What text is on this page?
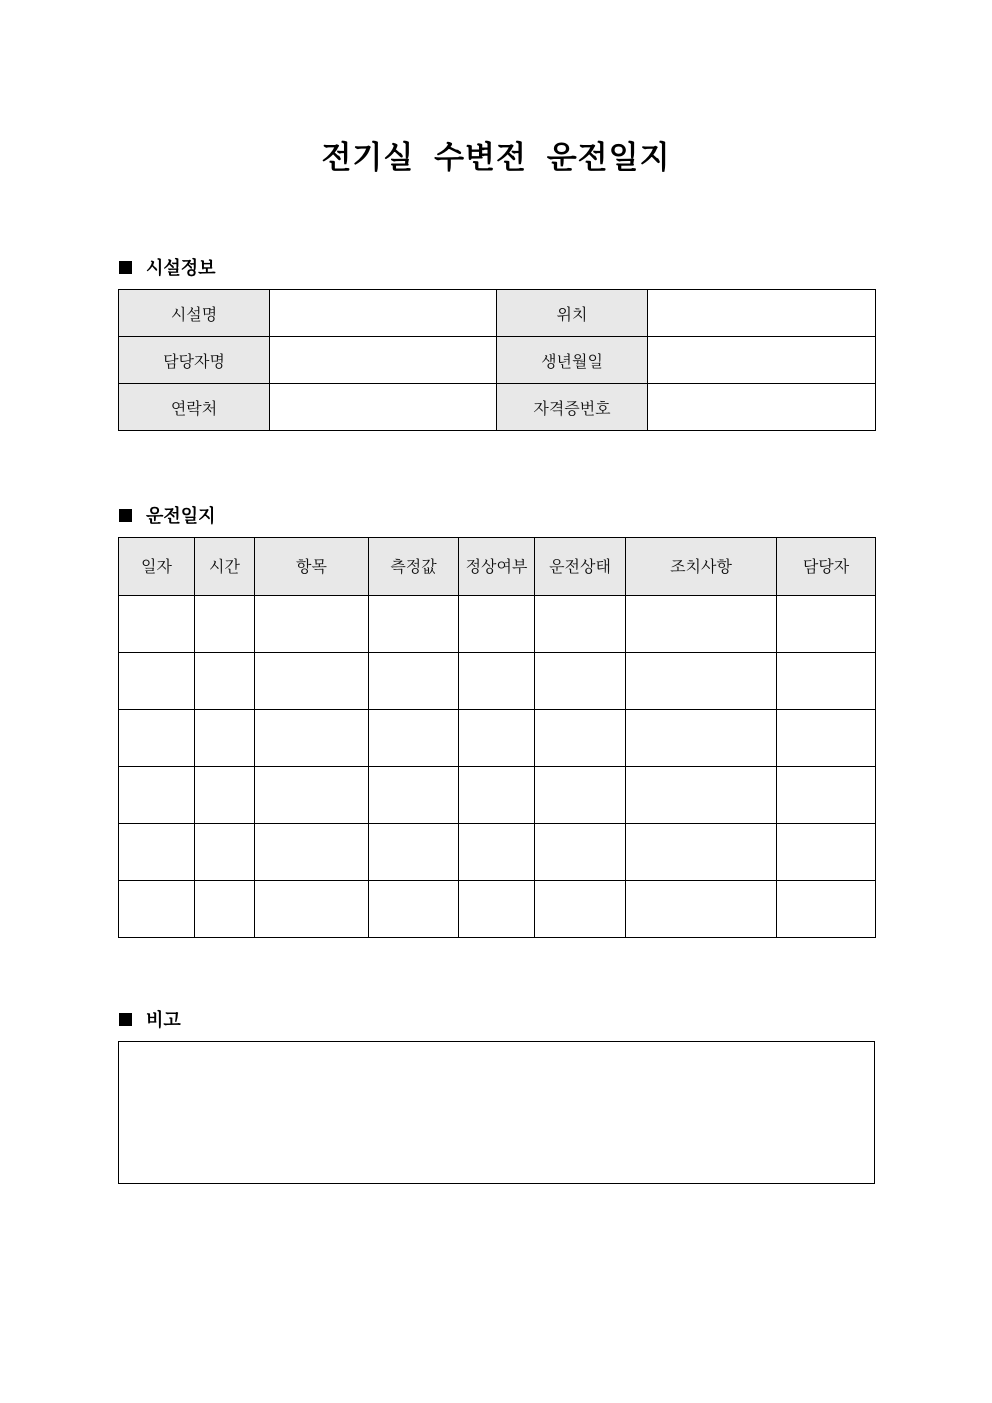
전기실 수변전 운전일지
시설정보
시설명		위치	
담당자명		생년월일	
연락처		자격증번호	
운전일지
일자	시간	항목	측정값	정상여부	운전상태	조치사항	담당자

비고
